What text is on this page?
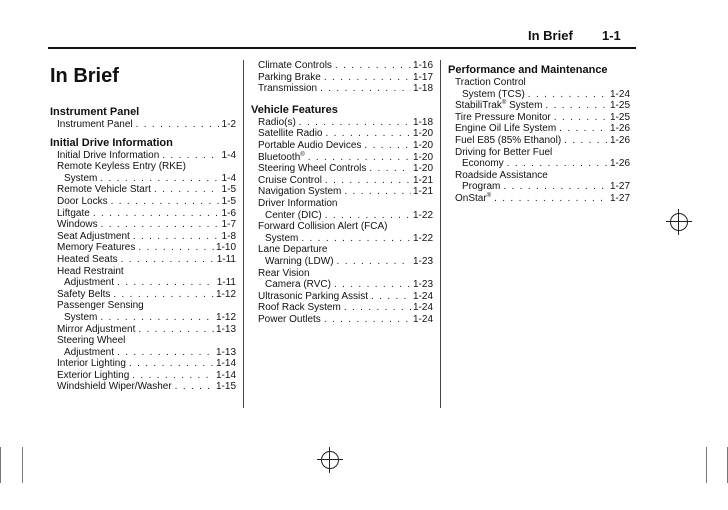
In Brief 1-1
In Brief
Instrument Panel
Instrument Panel . . .	1-2
Initial Drive Information
Initial Drive Information . . .	1-4
Remote Keyless Entry (RKE)
System . . .	1-4
Remote Vehicle Start . . .	1-5
Door Locks . . .	1-5
Liftgate . . .	1-6
Windows . . .	1-7
Seat Adjustment . . .	1-8
Memory Features . . .	1-10
Heated Seats . . .	1-11
Head Restraint
Adjustment . . .	1-11
Safety Belts . . .	1-12
Passenger Sensing
System . . .	1-12
Mirror Adjustment . . .	1-13
Steering Wheel
Adjustment . . .	1-13
Interior Lighting . . .	1-14
Exterior Lighting . . .	1-14
Windshield Wiper/Washer . . .	1-15
Climate Controls . . .	1-16
Parking Brake . . .	1-17
Transmission . . .	1-18
Vehicle Features
Radio(s) . . .	1-18
Satellite Radio . . .	1-20
Portable Audio Devices . . .	1-20
Bluetooth® . . .	1-20
Steering Wheel Controls . . .	1-20
Cruise Control . . .	1-21
Navigation System . . .	1-21
Driver Information
Center (DIC) . . .	1-22
Forward Collision Alert (FCA)
System . . .	1-22
Lane Departure
Warning (LDW) . . .	1-23
Rear Vision
Camera (RVC) . . .	1-23
Ultrasonic Parking Assist . . .	1-24
Roof Rack System . . .	1-24
Power Outlets . . .	1-24
Performance and Maintenance
Traction Control
System (TCS) . . .	1-24
StabiliTrak® System . . .	1-25
Tire Pressure Monitor . . .	1-25
Engine Oil Life System . . .	1-26
Fuel E85 (85% Ethanol) . . .	1-26
Driving for Better Fuel
Economy . . .	1-26
Roadside Assistance
Program . . .	1-27
OnStar® . . .	1-27
